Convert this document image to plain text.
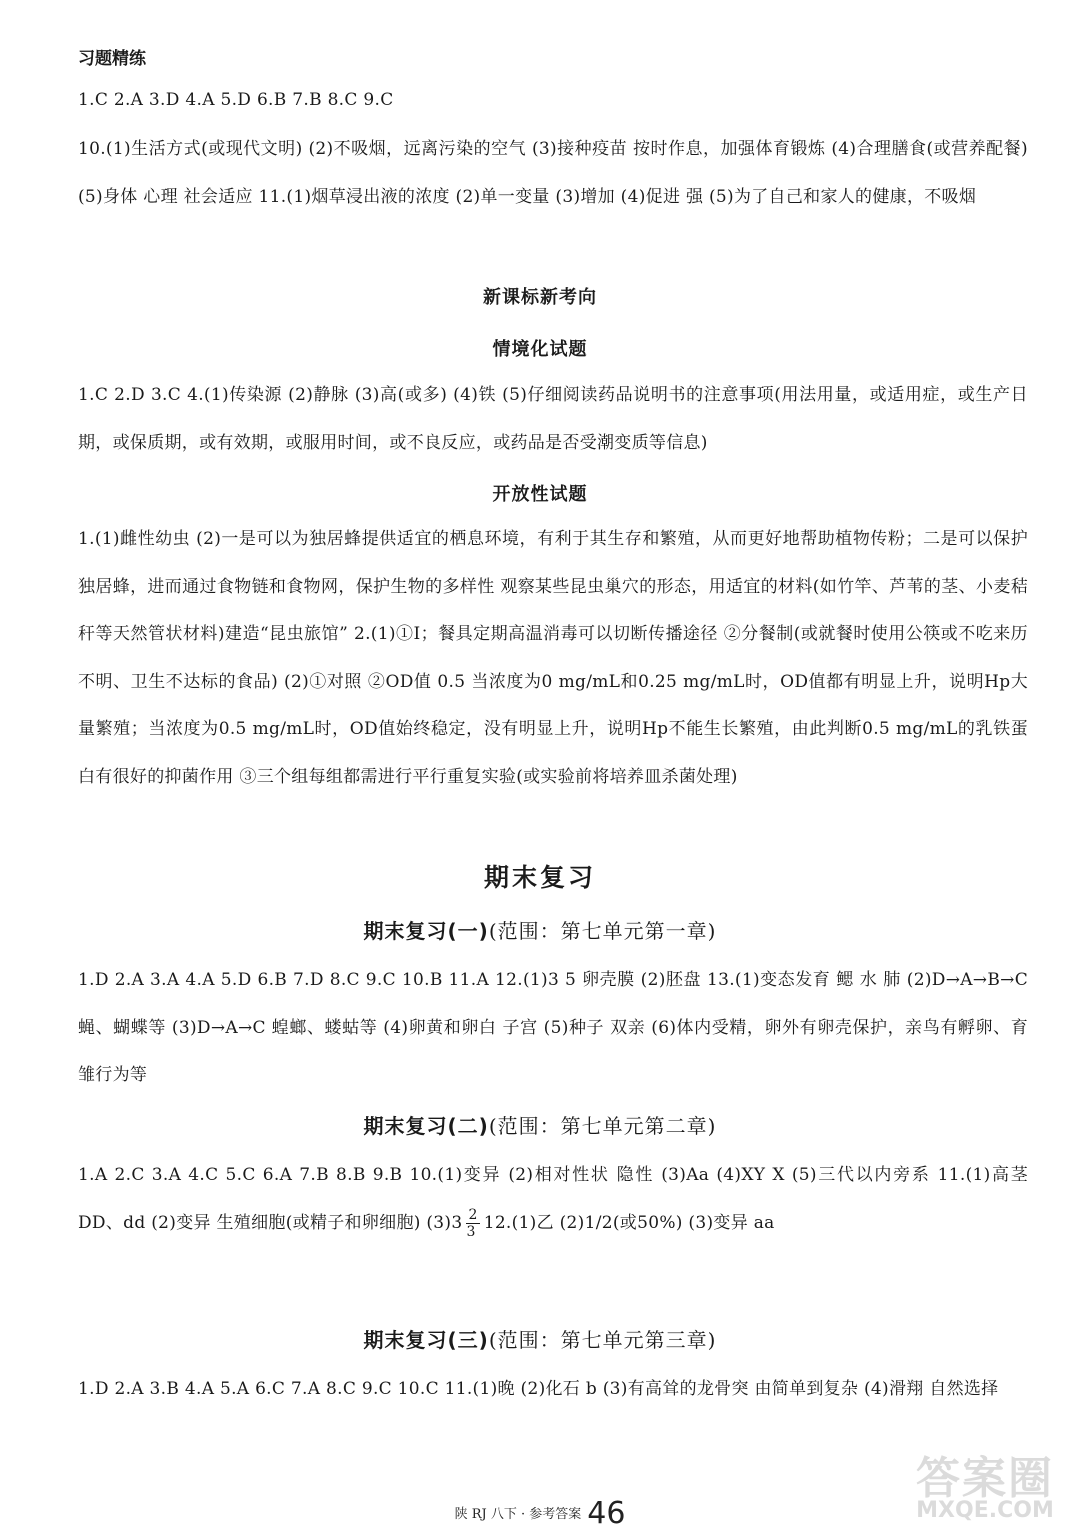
习题精练
1.C 2.A 3.D 4.A 5.D 6.B 7.B 8.C 9.C
10.(1)生活方式(或现代文明) (2)不吸烟，远离污染的空气 (3)接种疫苗 按时作息，加强体育锻炼 (4)合理膳食(或营养配餐) (5)身体 心理 社会适应 11.(1)烟草浸出液的浓度 (2)单一变量 (3)增加 (4)促进 强 (5)为了自己和家人的健康，不吸烟
新课标新考向
情境化试题
1.C 2.D 3.C 4.(1)传染源 (2)静脉 (3)高(或多) (4)铁 (5)仔细阅读药品说明书的注意事项(用法用量，或适用症，或生产日期，或保质期，或有效期，或服用时间，或不良反应，或药品是否受潮变质等信息)
开放性试题
1.(1)雌性幼虫 (2)一是可以为独居蜂提供适宜的栖息环境，有利于其生存和繁殖，从而更好地帮助植物传粉；二是可以保护独居蜂，进而通过食物链和食物网，保护生物的多样性 观察某些昆虫巢穴的形态，用适宜的材料(如竹竿、芦苇的茎、小麦秸秆等天然管状材料)建造“昆虫旅馆” 2.(1)①Ⅰ；餐具定期高温消毒可以切断传播途径 ②分餐制(或就餐时使用公筷或不吃来历不明、卫生不达标的食品) (2)①对照 ②OD值 0.5 当浓度为0 mg/mL和0.25 mg/mL时，OD值都有明显上升，说明Hp大量繁殖；当浓度为0.5 mg/mL时，OD值始终稳定，没有明显上升，说明Hp不能生长繁殖，由此判断0.5 mg/mL的乳铁蛋白有很好的抑菌作用 ③三个组每组都需进行平行重复实验(或实验前将培养皿杀菌处理)
期末复习
期末复习(一)(范围：第七单元第一章)
1.D 2.A 3.A 4.A 5.D 6.B 7.D 8.C 9.C 10.B 11.A 12.(1)3 5 卵壳膜 (2)胚盘 13.(1)变态发育 鳃 水 肺 (2)D→A→B→C 蝇、蝴蝶等 (3)D→A→C 蝗螂、蝼蛄等 (4)卵黄和卵白 子宫 (5)种子 双亲 (6)体内受精，卵外有卵壳保护，亲鸟有孵卵、育雏行为等
期末复习(二)(范围：第七单元第二章)
1.A 2.C 3.A 4.C 5.C 6.A 7.B 8.B 9.B 10.(1)变异 (2)相对性状 隐性 (3)Aa (4)XY X (5)三代以内旁系 11.(1)高茎 DD、dd (2)变异 生殖细胞(或精子和卵细胞) $(3)3 \frac{2}{3} 12.(1)$乙 (2)1/2(或50%) (3)变异 aa
期末复习(三)(范围：第七单元第三章)
1.D 2.A 3.B 4.A 5.A 6.C 7.A 8.C 9.C 10.C 11.(1)晚 (2)化石 b (3)有高耸的龙骨突 由简单到复杂 (4)滑翔 自然选择
陕 RJ 八下 · 参考答案 46
答案圈
MXQE.COM
